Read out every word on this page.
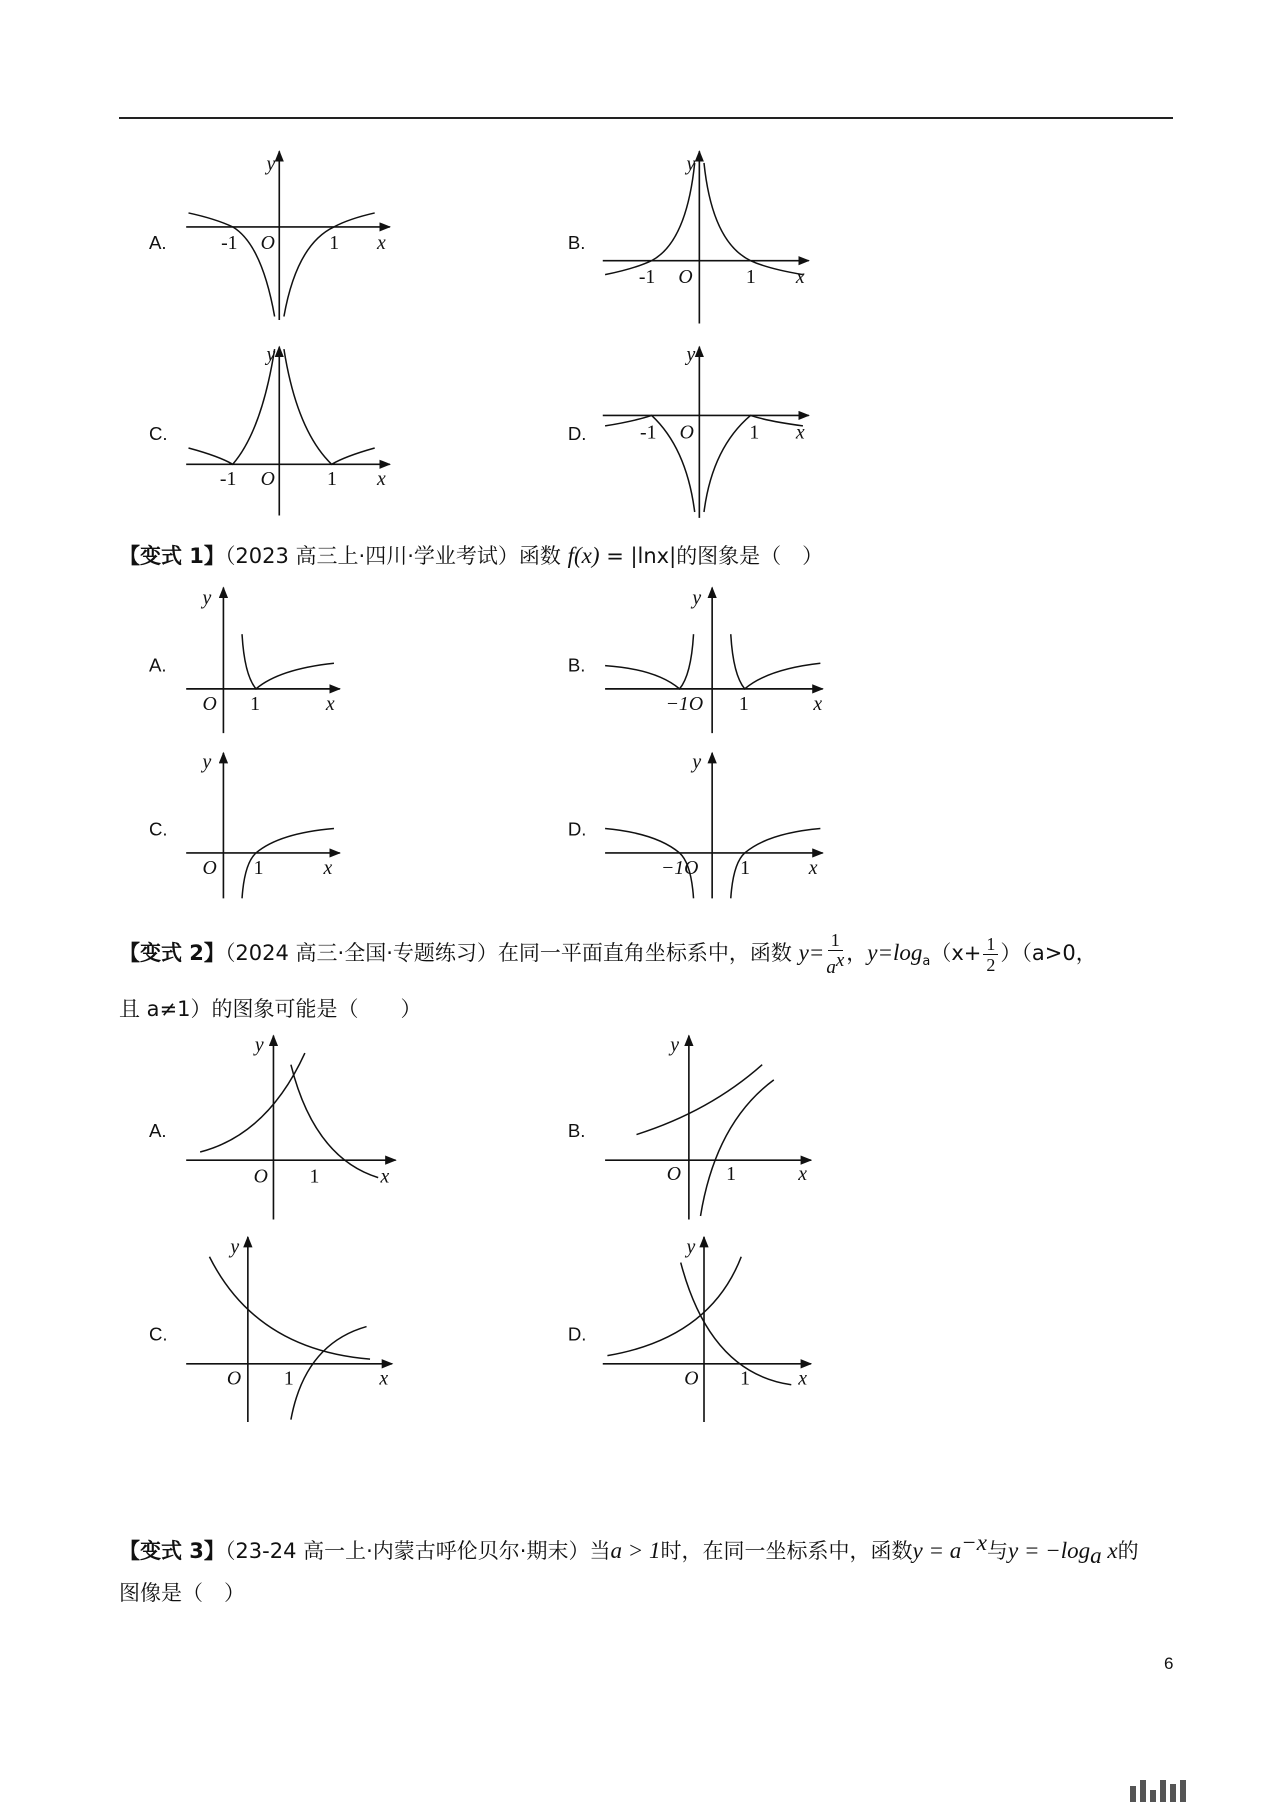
A.
y
-1 O	1 x	B.
y
-1 O	1 x
C.
y
-1 O	1 x
D.
y
-1 O	1 x
A.
y
O 1	x
B.
y
−1O 1	x
C.
y
O 1	x
D.
y
−1O 1	x
A.
y
O 1	x
B.
y
O	1	x
C.
y
O	1	x
D.
y
O 1	x
【变式 1】（2023 高三上·四川·学业考试）函数 f(x) = |lnx|的图象是（　）
【变式 2】（2024 高三·全国·专题练习）在同一平面直角坐标系中，函数 $y= \frac{1}{a^x}$ ，$y=\log_a(x+ \frac{1}{2} )(a>0$，
且 a≠1）的图象可能是（　　）
【变式 3】（23-24 高一上·内蒙古呼伦贝尔·期末）当a > 1时，在同一坐标系中，函数$y = a^{-x}$与$y = -\log_a$ x的
图像是（　）
6
